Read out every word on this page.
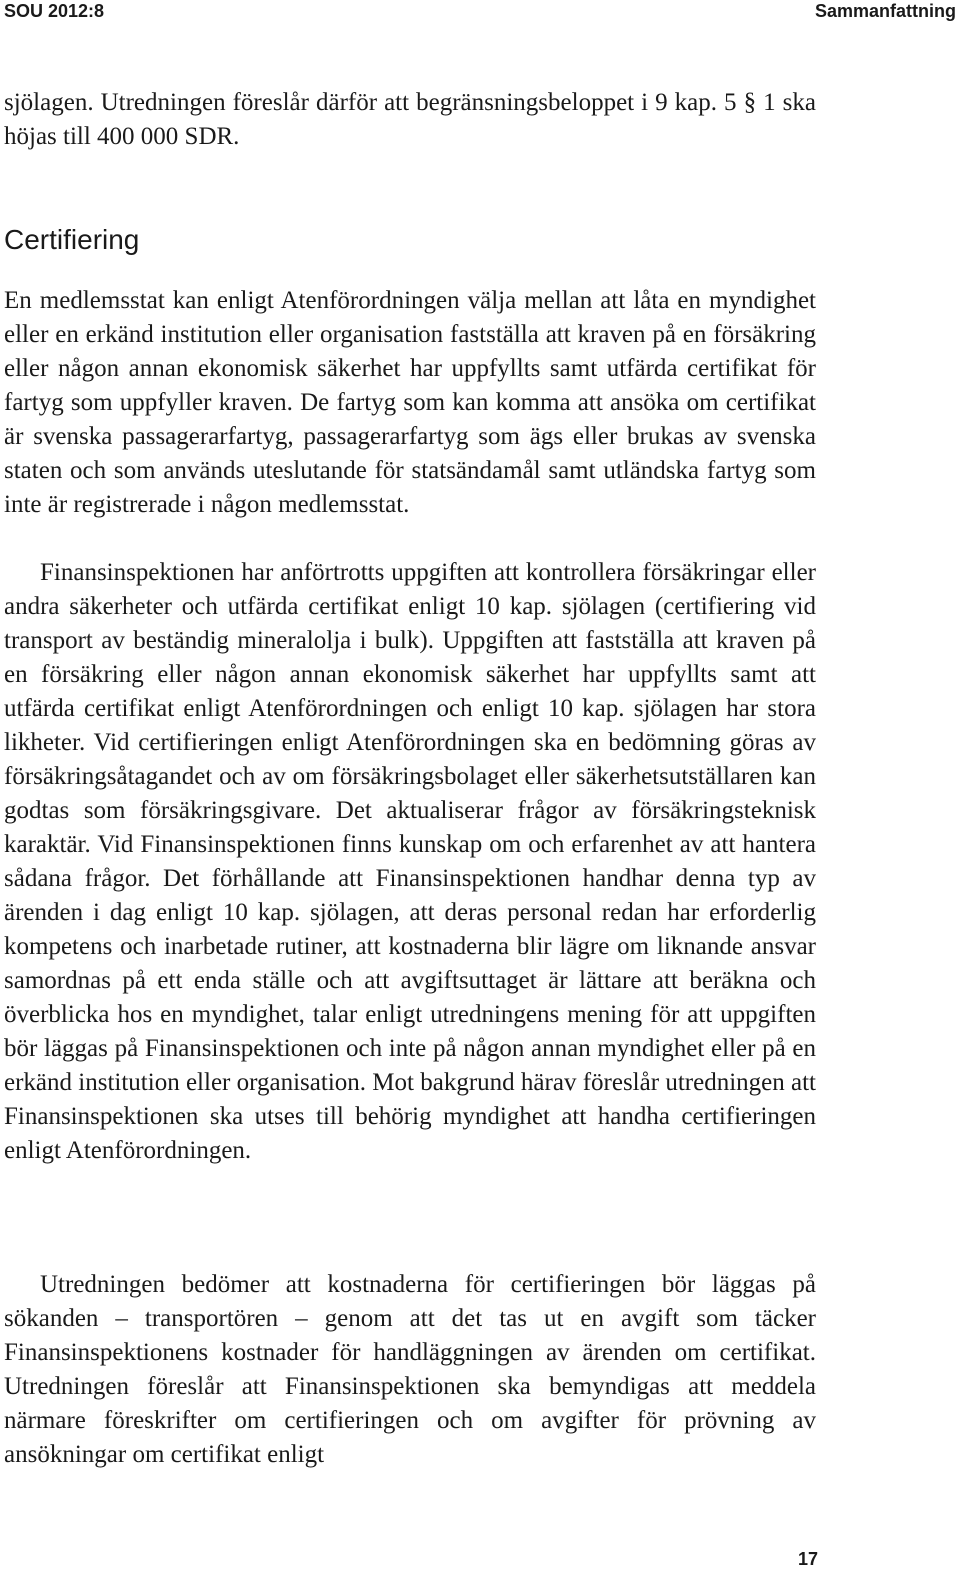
SOU 2012:8	Sammanfattning

sjölagen. Utredningen föreslår därför att begränsningsbeloppet i 9 kap. 5 § 1 ska höjas till 400 000 SDR.

Certifiering

En medlemsstat kan enligt Atenförordningen välja mellan att låta en myndighet eller en erkänd institution eller organisation fastställa att kraven på en försäkring eller någon annan ekonomisk säkerhet har uppfyllts samt utfärda certifikat för fartyg som uppfyller kraven. De fartyg som kan komma att ansöka om certifikat är svenska passagerarfartyg, passagerarfartyg som ägs eller brukas av svenska staten och som används uteslutande för statsändamål samt utländska fartyg som inte är registrerade i någon medlemsstat.

Finansinspektionen har anförtrotts uppgiften att kontrollera försäkringar eller andra säkerheter och utfärda certifikat enligt 10 kap. sjölagen (certifiering vid transport av beständig mineralolja i bulk). Uppgiften att fastställa att kraven på en försäkring eller någon annan ekonomisk säkerhet har uppfyllts samt att utfärda certifikat enligt Atenförordningen och enligt 10 kap. sjölagen har stora likheter. Vid certifieringen enligt Atenförordningen ska en bedömning göras av försäkringsåtagandet och av om försäkringsbolaget eller säkerhetsutställaren kan godtas som försäkringsgivare. Det aktualiserar frågor av försäkringsteknisk karaktär. Vid Finansinspektionen finns kunskap om och erfarenhet av att hantera sådana frågor. Det förhållande att Finansinspektionen handhar denna typ av ärenden i dag enligt 10 kap. sjölagen, att deras personal redan har erforderlig kompetens och inarbetade rutiner, att kostnaderna blir lägre om liknande ansvar samordnas på ett enda ställe och att avgiftsuttaget är lättare att beräkna och överblicka hos en myndighet, talar enligt utredningens mening för att uppgiften bör läggas på Finansinspektionen och inte på någon annan myndighet eller på en erkänd institution eller organisation. Mot bakgrund härav föreslår utredningen att Finansinspektionen ska utses till behörig myndighet att handha certifieringen enligt Atenförordningen.

Utredningen bedömer att kostnaderna för certifieringen bör läggas på sökanden – transportören – genom att det tas ut en avgift som täcker Finansinspektionens kostnader för handläggningen av ärenden om certifikat. Utredningen föreslår att Finansinspektionen ska bemyndigas att meddela närmare föreskrifter om certifieringen och om avgifter för prövning av ansökningar om certifikat enligt

17
